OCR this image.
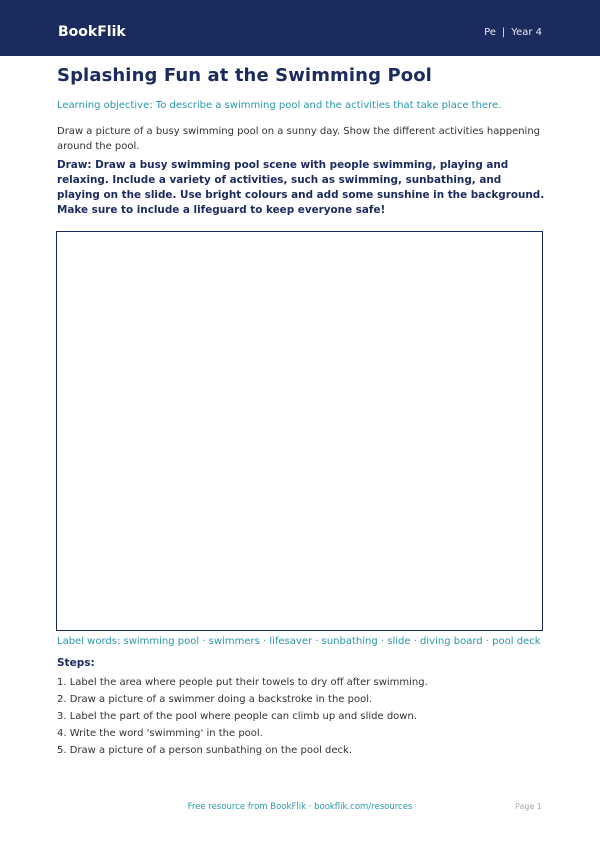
BookFlik	Pe | Year 4
Splashing Fun at the Swimming Pool

Learning objective: To describe a swimming pool and the activities that take place there.

Draw a picture of a busy swimming pool on a sunny day. Show the different activities happening around the pool.

Draw: Draw a busy swimming pool scene with people swimming, playing and relaxing. Include a variety of activities, such as swimming, sunbathing, and playing on the slide. Use bright colours and add some sunshine in the background. Make sure to include a lifeguard to keep everyone safe!

Label words: swimming pool · swimmers · lifesaver · sunbathing · slide · diving board · pool deck

Steps:

1. Label the area where people put their towels to dry off after swimming.
2. Draw a picture of a swimmer doing a backstroke in the pool.
3. Label the part of the pool where people can climb up and slide down.
4. Write the word 'swimming' in the pool.
5. Draw a picture of a person sunbathing on the pool deck.
Free resource from BookFlik · bookflik.com/resources	Page 1
